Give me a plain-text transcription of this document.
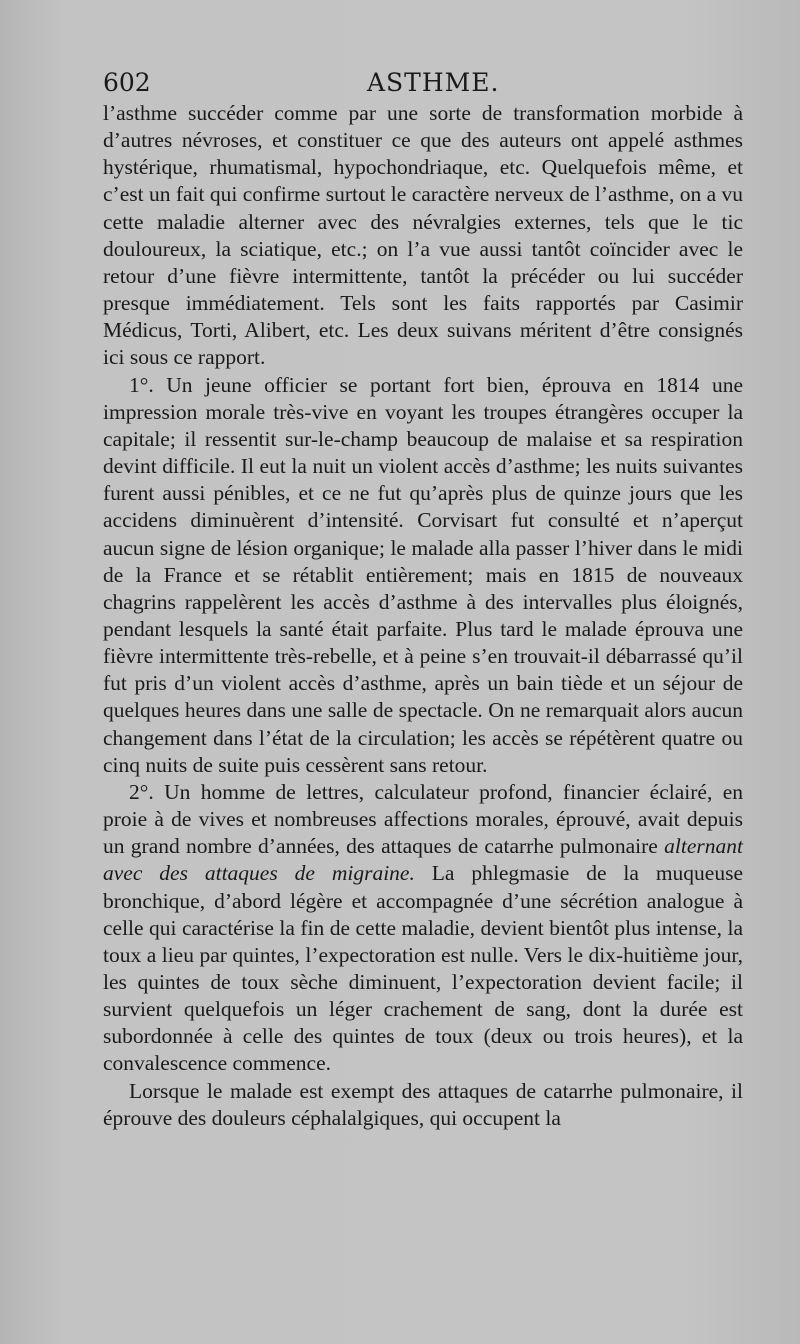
602	ASTHME.

l’asthme succéder comme par une sorte de transformation morbide à d’autres névroses, et constituer ce que des auteurs ont appelé asthmes hystérique, rhumatismal, hypochondriaque, etc. Quelquefois même, et c’est un fait qui confirme surtout le caractère nerveux de l’asthme, on a vu cette maladie alterner avec des névralgies externes, tels que le tic douloureux, la sciatique, etc.; on l’a vue aussi tantôt coïncider avec le retour d’une fièvre intermittente, tantôt la précéder ou lui succéder presque immédiatement. Tels sont les faits rapportés par Casimir Médicus, Torti, Alibert, etc. Les deux suivans méritent d’être consignés ici sous ce rapport.

1°. Un jeune officier se portant fort bien, éprouva en 1814 une impression morale très-vive en voyant les troupes étrangères occuper la capitale; il ressentit sur-le-champ beaucoup de malaise et sa respiration devint difficile. Il eut la nuit un violent accès d’asthme; les nuits suivantes furent aussi pénibles, et ce ne fut qu’après plus de quinze jours que les accidens diminuèrent d’intensité. Corvisart fut consulté et n’aperçut aucun signe de lésion organique; le malade alla passer l’hiver dans le midi de la France et se rétablit entièrement; mais en 1815 de nouveaux chagrins rappelèrent les accès d’asthme à des intervalles plus éloignés, pendant lesquels la santé était parfaite. Plus tard le malade éprouva une fièvre intermittente très-rebelle, et à peine s’en trouvait-il débarrassé qu’il fut pris d’un violent accès d’asthme, après un bain tiède et un séjour de quelques heures dans une salle de spectacle. On ne remarquait alors aucun changement dans l’état de la circulation; les accès se répétèrent quatre ou cinq nuits de suite puis cessèrent sans retour.

2°. Un homme de lettres, calculateur profond, financier éclairé, en proie à de vives et nombreuses affections morales, éprouvé, avait depuis un grand nombre d’années, des attaques de catarrhe pulmonaire alternant avec des attaques de migraine. La phlegmasie de la muqueuse bronchique, d’abord légère et accompagnée d’une sécrétion analogue à celle qui caractérise la fin de cette maladie, devient bientôt plus intense, la toux a lieu par quintes, l’expectoration est nulle. Vers le dix-huitième jour, les quintes de toux sèche diminuent, l’expectoration devient facile; il survient quelquefois un léger crachement de sang, dont la durée est subordonnée à celle des quintes de toux (deux ou trois heures), et la convalescence commence.

Lorsque le malade est exempt des attaques de catarrhe pulmonaire, il éprouve des douleurs céphalalgiques, qui occupent la
